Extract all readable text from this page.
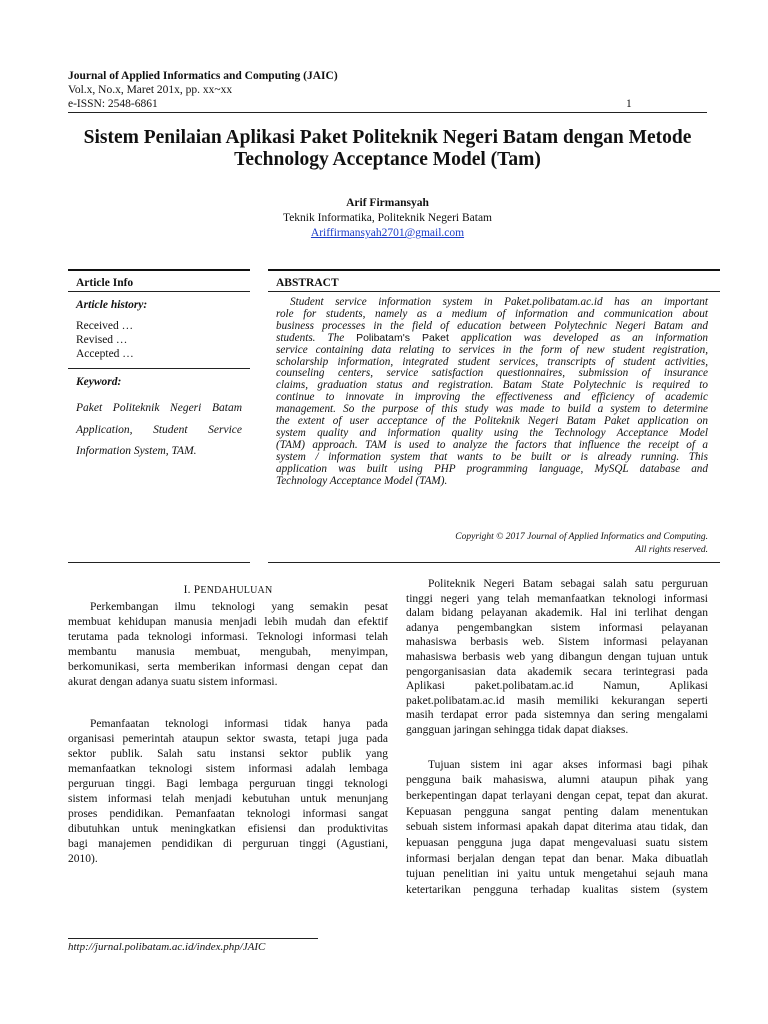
Journal of Applied Informatics and Computing (JAIC)
Vol.x, No.x, Maret 201x, pp. xx~xx
e-ISSN: 2548-6861	1
Sistem Penilaian Aplikasi Paket Politeknik Negeri Batam dengan Metode
Technology Acceptance Model (Tam)
Arif Firmansyah
Teknik Informatika, Politeknik Negeri Batam
Ariffirmansyah2701@gmail.com
Article Info
Article history:
Received …
Revised …
Accepted …
Keyword:
Paket Politeknik Negeri Batam
Application, Student Service
Information System, TAM.
ABSTRACT
Student service information system in Paket.polibatam.ac.id has an important
role for students, namely as a medium of information and communication about
business processes in the field of education between Polytechnic Negeri Batam and
students. The Polibatam's Paket application was developed as an information
service containing data relating to services in the form of new student registration,
scholarship information, integrated student services, transcripts of student activities,
counseling centers, service satisfaction questionnaires, submission of insurance
claims, graduation status and registration. Batam State Polytechnic is required to
continue to innovate in improving the effectiveness and efficiency of academic
management. So the purpose of this study was made to build a system to determine
the extent of user acceptance of the Politeknik Negeri Batam Paket application on
system quality and information quality using the Technology Acceptance Model
(TAM) approach. TAM is used to analyze the factors that influence the receipt of a
system / information system that wants to be built or is already running. This
application was built using PHP programming language, MySQL database and
Technology Acceptance Model (TAM).
Copyright © 2017 Journal of Applied Informatics and Computing.
All rights reserved.
I. PENDAHULUAN

Perkembangan ilmu teknologi yang semakin pesat
membuat kehidupan manusia menjadi lebih mudah dan efektif
terutama pada teknologi informasi. Teknologi informasi telah
membantu manusia membuat, mengubah, menyimpan,
berkomunikasi, serta memberikan informasi dengan cepat dan
akurat dengan adanya suatu sistem informasi.

Pemanfaatan teknologi informasi tidak hanya pada
organisasi pemerintah ataupun sektor swasta, tetapi juga pada
sektor publik. Salah satu instansi sektor publik yang
memanfaatkan teknologi sistem informasi adalah lembaga
perguruan tinggi. Bagi lembaga perguruan tinggi teknologi
sistem informasi telah menjadi kebutuhan untuk menunjang
proses pendidikan. Pemanfaatan teknologi informasi sangat
dibutuhkan untuk meningkatkan efisiensi dan produktivitas
bagi manajemen pendidikan di perguruan tinggi (Agustiani,
2010).

Politeknik Negeri Batam sebagai salah satu perguruan
tinggi negeri yang telah memanfaatkan teknologi informasi
dalam bidang pelayanan akademik. Hal ini terlihat dengan
adanya pengembangkan sistem informasi pelayanan
mahasiswa berbasis web. Sistem informasi pelayanan
mahasiswa berbasis web yang dibangun dengan tujuan untuk
pengorganisasian data akademik secara terintegrasi pada
Aplikasi paket.polibatam.ac.id Namun, Aplikasi
paket.polibatam.ac.id masih memiliki kekurangan seperti
masih terdapat error pada sistemnya dan sering mengalami
gangguan jaringan sehingga tidak dapat diakses.

Tujuan sistem ini agar akses informasi bagi pihak
pengguna baik mahasiswa, alumni ataupun pihak yang
berkepentingan dapat terlayani dengan cepat, tepat dan akurat.
Kepuasan pengguna sangat penting dalam menentukan
sebuah sistem informasi apakah dapat diterima atau tidak, dan
kepuasan pengguna juga dapat mengevaluasi suatu sistem
informasi berjalan dengan tepat dan benar. Maka dibuatlah
tujuan penelitian ini yaitu untuk mengetahui sejauh mana
ketertarikan pengguna terhadap kualitas sistem (system

http://jurnal.polibatam.ac.id/index.php/JAIC
